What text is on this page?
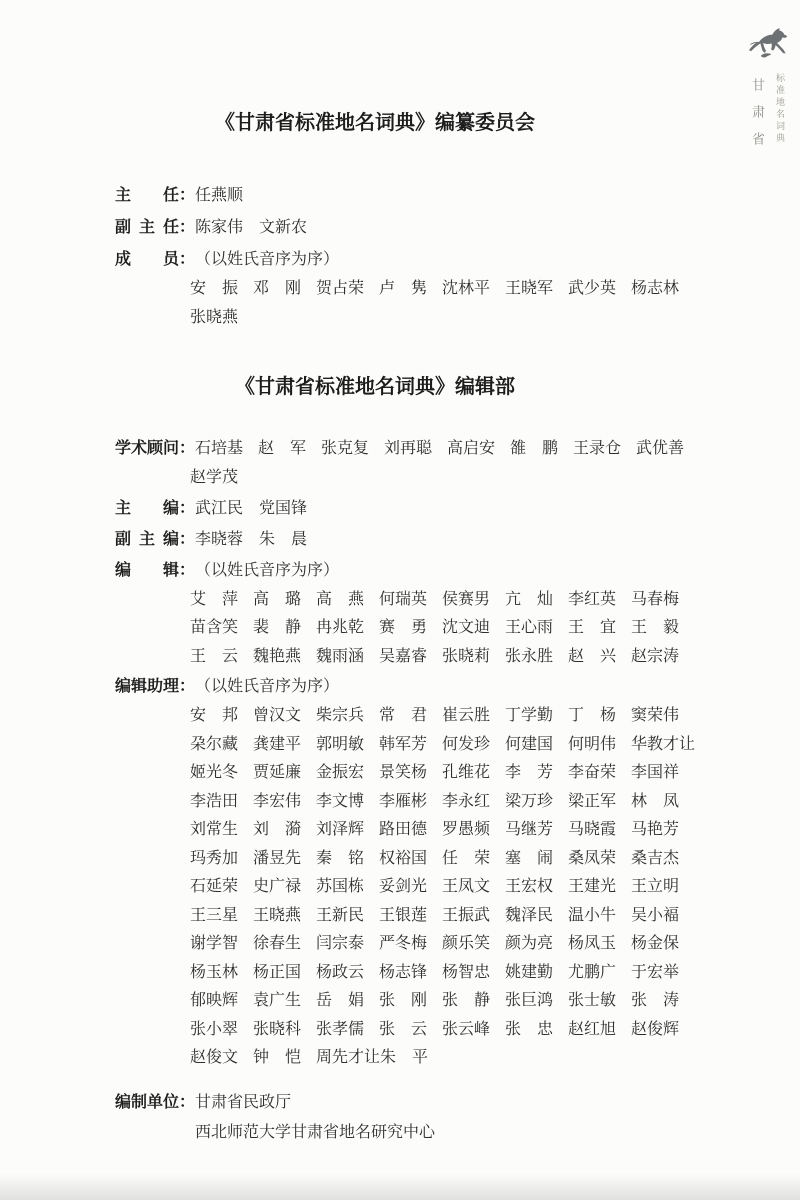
甘肃省 标准地名词典
《甘肃省标准地名词典》编纂委员会
主 任 ： 任燕顺
副 主 任 ： 陈家伟　文新农
成 员 ： （以姓氏音序为序）
安　振 邓　刚 贺占荣 卢　隽 沈林平 王晓军 武少英 杨志林
张晓燕
《甘肃省标准地名词典》编辑部
学 术 顾 问 ： 石培基 赵　军 张克复 刘再聪 高启安 雒　鹏 王录仓 武优善
赵学茂
主 编 ： 武江民　党国锋
副 主 编 ： 李晓蓉　朱　晨
编 辑 ： （以姓氏音序为序）
艾　萍 高　璐 高　燕 何瑞英 侯赛男 亢　灿 李红英 马春梅
苗含笑 裴　静 冉兆乾 赛　勇 沈文迪 王心雨 王　宜 王　毅
王　云 魏艳燕 魏雨涵 吴嘉睿 张晓莉 张永胜 赵　兴 赵宗涛
编 辑 助 理 ： （以姓氏音序为序）
安　邦 曾汉文 柴宗兵 常　君 崔云胜 丁学勤 丁　杨 窦荣伟
朶尔藏 龚建平 郭明敏 韩军芳 何发珍 何建国 何明伟 华教才让
姬光冬 贾延廉 金振宏 景笑杨 孔维花 李　芳 李奋荣 李国祥
李浩田 李宏伟 李文博 李雁彬 李永红 梁万珍 梁正军 林　凤
刘常生 刘　漪 刘泽辉 路田德 罗愚频 马继芳 马晓霞 马艳芳
玛秀加 潘昱先 秦　铭 权裕国 任　荣 塞　闹 桑凤荣 桑吉杰
石延荣 史广禄 苏国栋 妥剑光 王凤文 王宏权 王建光 王立明
王三星 王晓燕 王新民 王银莲 王振武 魏泽民 温小牛 吴小褔
谢学智 徐春生 闫宗泰 严冬梅 颜乐笑 颜为亮 杨凤玉 杨金保
杨玉林 杨正国 杨政云 杨志锋 杨智忠 姚建勤 尤鹏广 于宏举
郁映辉 袁广生 岳　娟 张　刚 张　静 张巨鸿 张士敏 张　涛
张小翠 张晓科 张孝儒 张　云 张云峰 张　忠 赵红旭 赵俊辉
赵俊文 钟　恺 周先才让朱　平
编 制 单 位 ： 甘肃省民政厅
西北师范大学甘肃省地名研究中心
